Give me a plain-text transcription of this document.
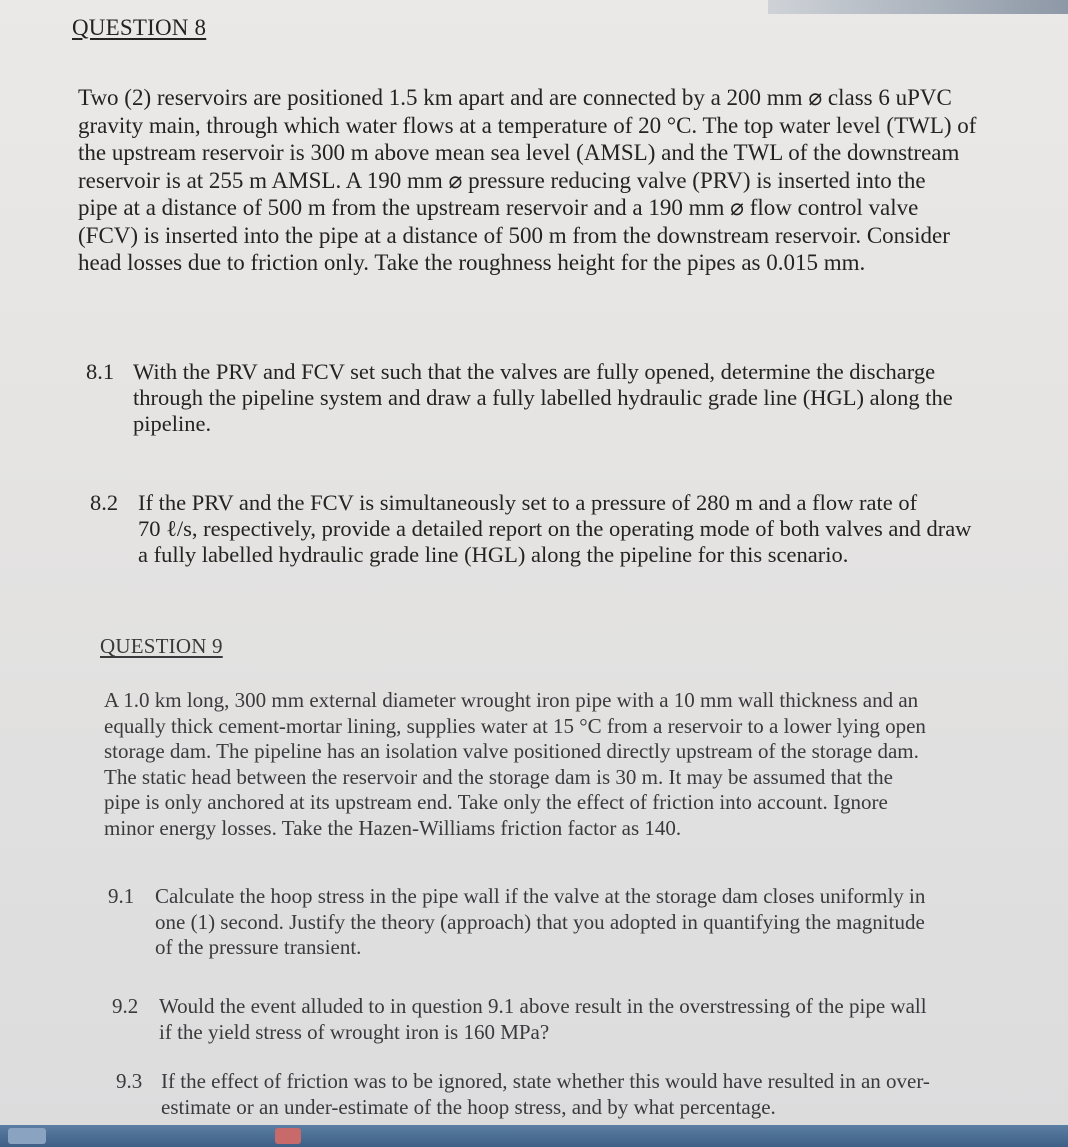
QUESTION 8
Two (2) reservoirs are positioned 1.5 km apart and are connected by a 200 mm ⌀ class 6 uPVC
gravity main, through which water flows at a temperature of 20 °C. The top water level (TWL) of
the upstream reservoir is 300 m above mean sea level (AMSL) and the TWL of the downstream
reservoir is at 255 m AMSL. A 190 mm ⌀ pressure reducing valve (PRV) is inserted into the
pipe at a distance of 500 m from the upstream reservoir and a 190 mm ⌀ flow control valve
(FCV) is inserted into the pipe at a distance of 500 m from the downstream reservoir. Consider
head losses due to friction only. Take the roughness height for the pipes as 0.015 mm.
8.1 With the PRV and FCV set such that the valves are fully opened, determine the discharge
through the pipeline system and draw a fully labelled hydraulic grade line (HGL) along the
pipeline.
8.2 If the PRV and the FCV is simultaneously set to a pressure of 280 m and a flow rate of
70 ℓ/s, respectively, provide a detailed report on the operating mode of both valves and draw
a fully labelled hydraulic grade line (HGL) along the pipeline for this scenario.
QUESTION 9
A 1.0 km long, 300 mm external diameter wrought iron pipe with a 10 mm wall thickness and an
equally thick cement-mortar lining, supplies water at 15 °C from a reservoir to a lower lying open
storage dam. The pipeline has an isolation valve positioned directly upstream of the storage dam.
The static head between the reservoir and the storage dam is 30 m. It may be assumed that the
pipe is only anchored at its upstream end. Take only the effect of friction into account. Ignore
minor energy losses. Take the Hazen-Williams friction factor as 140.
9.1 Calculate the hoop stress in the pipe wall if the valve at the storage dam closes uniformly in
one (1) second. Justify the theory (approach) that you adopted in quantifying the magnitude
of the pressure transient.
9.2 Would the event alluded to in question 9.1 above result in the overstressing of the pipe wall
if the yield stress of wrought iron is 160 MPa?
9.3 If the effect of friction was to be ignored, state whether this would have resulted in an over-
estimate or an under-estimate of the hoop stress, and by what percentage.
